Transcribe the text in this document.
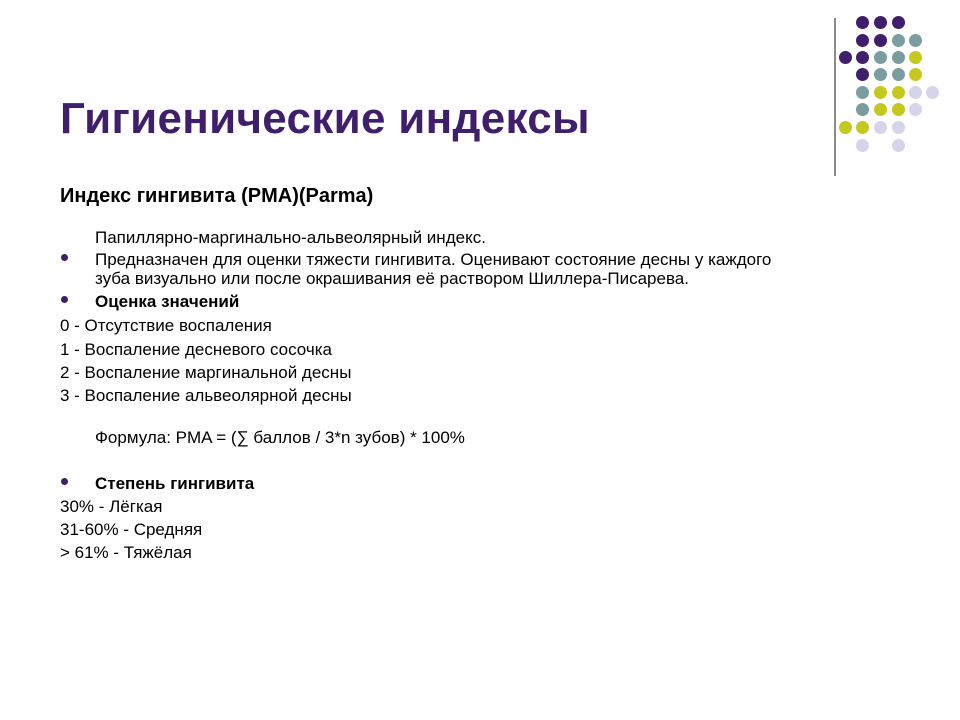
Гигиенические индексы
Индекс гингивита (PMA)(Parma)
Папиллярно-маргинально-альвеолярный индекс.
Предназначен для оценки тяжести гингивита. Оценивают состояние десны у каждого
зуба визуально или после окрашивания её раствором Шиллера-Писарева.
Оценка значений
0 - Отсутствие воспаления
1 - Воспаление десневого сосочка
2 - Воспаление маргинальной десны
3 - Воспаление альвеолярной десны
Формула: PMA = (∑ баллов / 3*n зубов) * 100%
Степень гингивита
30% - Лёгкая
31-60% - Средняя
> 61% - Тяжёлая
